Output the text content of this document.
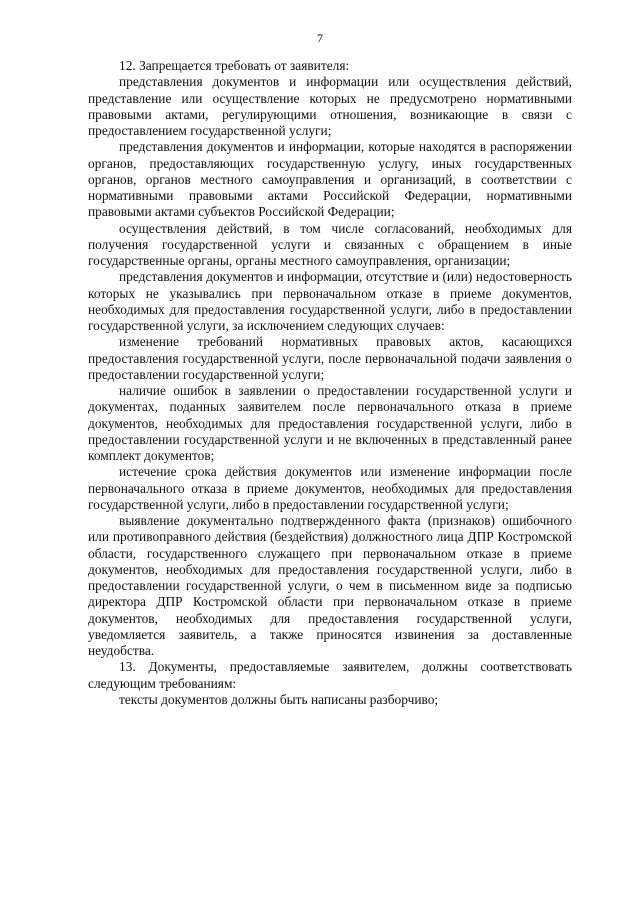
7

12. Запрещается требовать от заявителя:

представления документов и информации или осуществления действий, представление или осуществление которых не предусмотрено нормативными правовыми актами, регулирующими отношения, возникающие в связи с предоставлением государственной услуги;

представления документов и информации, которые находятся в распоряжении органов, предоставляющих государственную услугу, иных государственных органов, органов местного самоуправления и организаций, в соответствии с нормативными правовыми актами Российской Федерации, нормативными правовыми актами субъектов Российской Федерации;

осуществления действий, в том числе согласований, необходимых для получения государственной услуги и связанных с обращением в иные государственные органы, органы местного самоуправления, организации;

представления документов и информации, отсутствие и (или) недостоверность которых не указывались при первоначальном отказе в приеме документов, необходимых для предоставления государственной услуги, либо в предоставлении государственной услуги, за исключением следующих случаев:

изменение требований нормативных правовых актов, касающихся предоставления государственной услуги, после первоначальной подачи заявления о предоставлении государственной услуги;

наличие ошибок в заявлении о предоставлении государственной услуги и документах, поданных заявителем после первоначального отказа в приеме документов, необходимых для предоставления государственной услуги, либо в предоставлении государственной услуги и не включенных в представленный ранее комплект документов;

истечение срока действия документов или изменение информации после первоначального отказа в приеме документов, необходимых для предоставления государственной услуги, либо в предоставлении государственной услуги;

выявление документально подтвержденного факта (признаков) ошибочного или противоправного действия (бездействия) должностного лица ДПР Костромской области, государственного служащего при первоначальном отказе в приеме документов, необходимых для предоставления государственной услуги, либо в предоставлении государственной услуги, о чем в письменном виде за подписью директора ДПР Костромской области при первоначальном отказе в приеме документов, необходимых для предоставления государственной услуги, уведомляется заявитель, а также приносятся извинения за доставленные неудобства.

13. Документы, предоставляемые заявителем, должны соответствовать следующим требованиям:

тексты документов должны быть написаны разборчиво;
